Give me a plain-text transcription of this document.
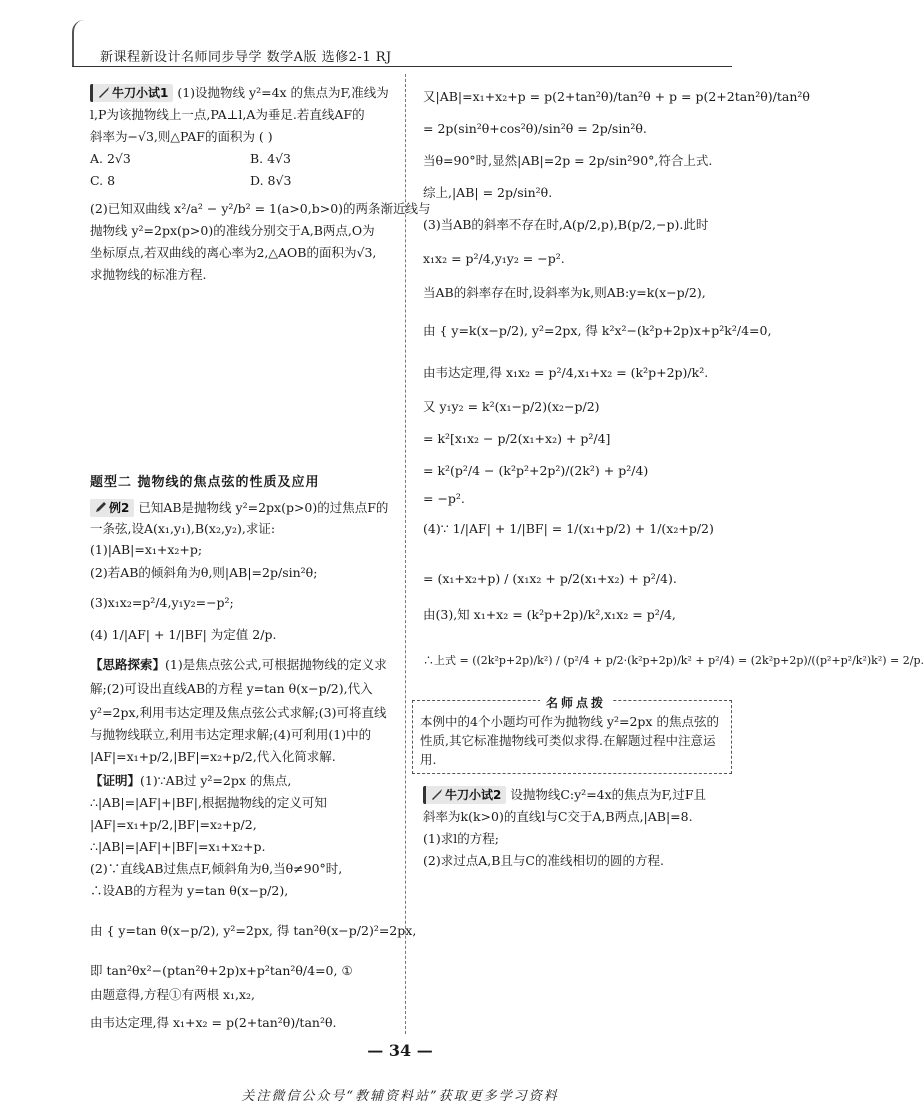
新课程新设计名师同步导学 数学A版 选修2-1 RJ
牛刀小试1 (1)设抛物线 y²=4x 的焦点为F,准线为
l,P为该抛物线上一点,PA⊥l,A为垂足.若直线AF的
斜率为−√3,则△PAF的面积为 ( )
A. 2√3	B. 4√3
C. 8	D. 8√3
(2)已知双曲线 x²/a² − y²/b² = 1(a>0,b>0)的两条渐近线与
抛物线 y²=2px(p>0)的准线分别交于A,B两点,O为
坐标原点,若双曲线的离心率为2,△AOB的面积为√3,
求抛物线的标准方程.
题型二 抛物线的焦点弦的性质及应用
例2 已知AB是抛物线 y²=2px(p>0)的过焦点F的
一条弦,设A(x₁,y₁),B(x₂,y₂),求证:
(1)|AB|=x₁+x₂+p;
(2)若AB的倾斜角为θ,则|AB|=2p/sin²θ;
(3)x₁x₂=p²/4,y₁y₂=−p²;
(4) 1/|AF| + 1/|BF| 为定值 2/p.
【思路探索】(1)是焦点弦公式,可根据抛物线的定义求
解;(2)可设出直线AB的方程 y=tan θ(x−p/2),代入
y²=2px,利用韦达定理及焦点弦公式求解;(3)可将直线
与抛物线联立,利用韦达定理求解;(4)可利用(1)中的
|AF|=x₁+p/2,|BF|=x₂+p/2,代入化简求解.
【证明】(1)∵AB过 y²=2px 的焦点,
∴|AB|=|AF|+|BF|,根据抛物线的定义可知
|AF|=x₁+p/2,|BF|=x₂+p/2,
∴|AB|=|AF|+|BF|=x₁+x₂+p.
(2)∵直线AB过焦点F,倾斜角为θ,当θ≠90°时,
∴设AB的方程为 y=tan θ(x−p/2),
由 { y=tan θ(x−p/2), y²=2px, 得 tan²θ(x−p/2)²=2px,
即 tan²θx²−(ptan²θ+2p)x+p²tan²θ/4=0, ①
由题意得,方程①有两根 x₁,x₂,
由韦达定理,得 x₁+x₂ = p(2+tan²θ)/tan²θ.
又|AB|=x₁+x₂+p = p(2+tan²θ)/tan²θ + p = p(2+2tan²θ)/tan²θ
= 2p(sin²θ+cos²θ)/sin²θ = 2p/sin²θ.
当θ=90°时,显然|AB|=2p = 2p/sin²90°,符合上式.
综上,|AB| = 2p/sin²θ.
(3)当AB的斜率不存在时,A(p/2,p),B(p/2,−p).此时
x₁x₂ = p²/4,y₁y₂ = −p².
当AB的斜率存在时,设斜率为k,则AB:y=k(x−p/2),
由 { y=k(x−p/2), y²=2px, 得 k²x²−(k²p+2p)x+p²k²/4=0,
由韦达定理,得 x₁x₂ = p²/4,x₁+x₂ = (k²p+2p)/k².
又 y₁y₂ = k²(x₁−p/2)(x₂−p/2)
= k²[x₁x₂ − p/2(x₁+x₂) + p²/4]
= k²(p²/4 − (k²p²+2p²)/(2k²) + p²/4)
= −p².
(4)∵ 1/|AF| + 1/|BF| = 1/(x₁+p/2) + 1/(x₂+p/2)
= (x₁+x₂+p) / (x₁x₂ + p/2(x₁+x₂) + p²/4).
由(3),知 x₁+x₂ = (k²p+2p)/k²,x₁x₂ = p²/4,
∴上式 = ((2k²p+2p)/k²) / (p²/4 + p/2·(k²p+2p)/k² + p²/4) = (2k²p+2p)/((p²+p²/k²)k²) = 2/p.
名师点拨
本例中的4个小题均可作为抛物线 y²=2px 的焦点弦的性质,其它标准抛物线可类似求得.在解题过程中注意运用.
牛刀小试2 设抛物线C:y²=4x的焦点为F,过F且
斜率为k(k>0)的直线l与C交于A,B两点,|AB|=8.
(1)求l的方程;
(2)求过点A,B且与C的准线相切的圆的方程.
— 34 —
关注微信公众号“教辅资料站”获取更多学习资料
